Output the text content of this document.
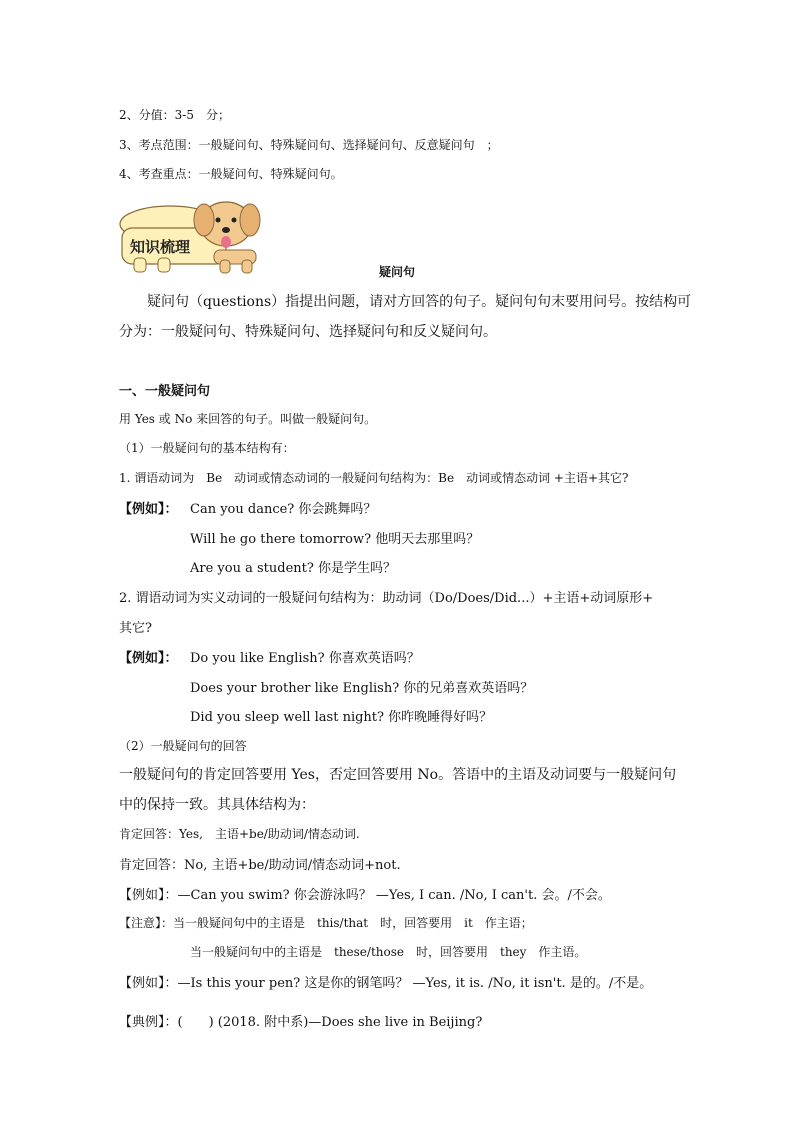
2、分值：3-5　分；
3、考点范围：一般疑问句、特殊疑问句、选择疑问句、反意疑问句　；
4、考查重点：一般疑问句、特殊疑问句。
知识梳理
疑问句
疑问句（questions）指提出问题，请对方回答的句子。疑问句句末要用问号。按结构可
分为：一般疑问句、特殊疑问句、选择疑问句和反义疑问句。
一、一般疑问句
用 Yes 或 No 来回答的句子。叫做一般疑问句。
（1）一般疑问句的基本结构有：
1. 谓语动词为　Be　动词或情态动词的一般疑问句结构为：Be　动词或情态动词 +主语+其它?
【例如】： Can you dance? 你会跳舞吗？
Will he go there tomorrow? 他明天去那里吗？
Are you a student? 你是学生吗？
2. 谓语动词为实义动词的一般疑问句结构为：助动词（Do/Does/Did...）+主语+动词原形+
其它?
【例如】： Do you like English? 你喜欢英语吗？
Does your brother like English? 你的兄弟喜欢英语吗？
Did you sleep well last night? 你昨晚睡得好吗？
（2）一般疑问句的回答
一般疑问句的肯定回答要用 Yes，否定回答要用 No。答语中的主语及动词要与一般疑问句
中的保持一致。其具体结构为：
肯定回答：Yes,　主语+be/助动词/情态动词.
肯定回答：No, 主语+be/助动词/情态动词+not.
【例如】：—Can you swim? 你会游泳吗？ —Yes, I can. /No, I can't. 会。/不会。
【注意】：当一般疑问句中的主语是　this/that　时，回答要用　it　作主语；
当一般疑问句中的主语是　these/those　时，回答要用　they　作主语。
【例如】：—Is this your pen? 这是你的钢笔吗？ —Yes, it is. /No, it isn't. 是的。/不是。
【典例】：(　　) (2018. 附中系)—Does she live in Beijing?
